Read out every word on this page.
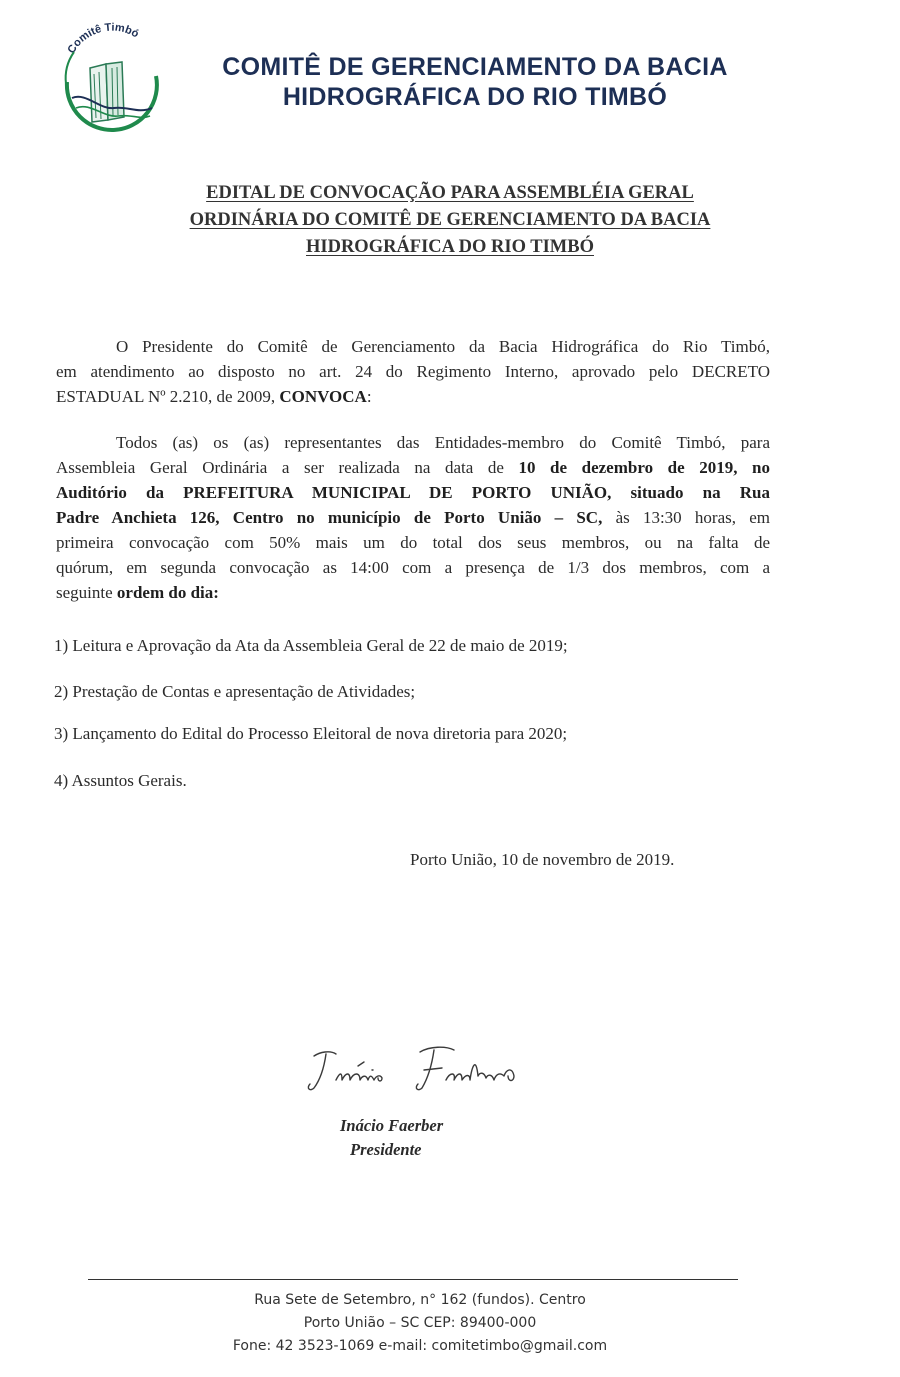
Comitê Timbó
COMITÊ DE GERENCIAMENTO DA BACIA
HIDROGRÁFICA DO RIO TIMBÓ
EDITAL DE CONVOCAÇÃO PARA ASSEMBLÉIA GERAL
ORDINÁRIA DO COMITÊ DE GERENCIAMENTO DA BACIA
HIDROGRÁFICA DO RIO TIMBÓ
O Presidente do Comitê de Gerenciamento da Bacia Hidrográfica do Rio Timbó,
em atendimento ao disposto no art. 24 do Regimento Interno, aprovado pelo DECRETO
ESTADUAL Nº 2.210, de 2009, CONVOCA:
Todos (as) os (as) representantes das Entidades-membro do Comitê Timbó, para
Assembleia Geral Ordinária a ser realizada na data de 10 de dezembro de 2019, no
Auditório da PREFEITURA MUNICIPAL DE PORTO UNIÃO, situado na Rua
Padre Anchieta 126, Centro no município de Porto União – SC, às 13:30 horas, em
primeira convocação com 50% mais um do total dos seus membros, ou na falta de
quórum, em segunda convocação as 14:00 com a presença de 1/3 dos membros, com a
seguinte ordem do dia:
1) Leitura e Aprovação da Ata da Assembleia Geral de 22 de maio de 2019;
2) Prestação de Contas e apresentação de Atividades;
3) Lançamento do Edital do Processo Eleitoral de nova diretoria para 2020;
4) Assuntos Gerais.
Porto União, 10 de novembro de 2019.
Inácio Faerber
Presidente
Rua Sete de Setembro, n° 162 (fundos). Centro
Porto União – SC CEP: 89400-000
Fone: 42 3523-1069 e-mail: comitetimbo@gmail.com
